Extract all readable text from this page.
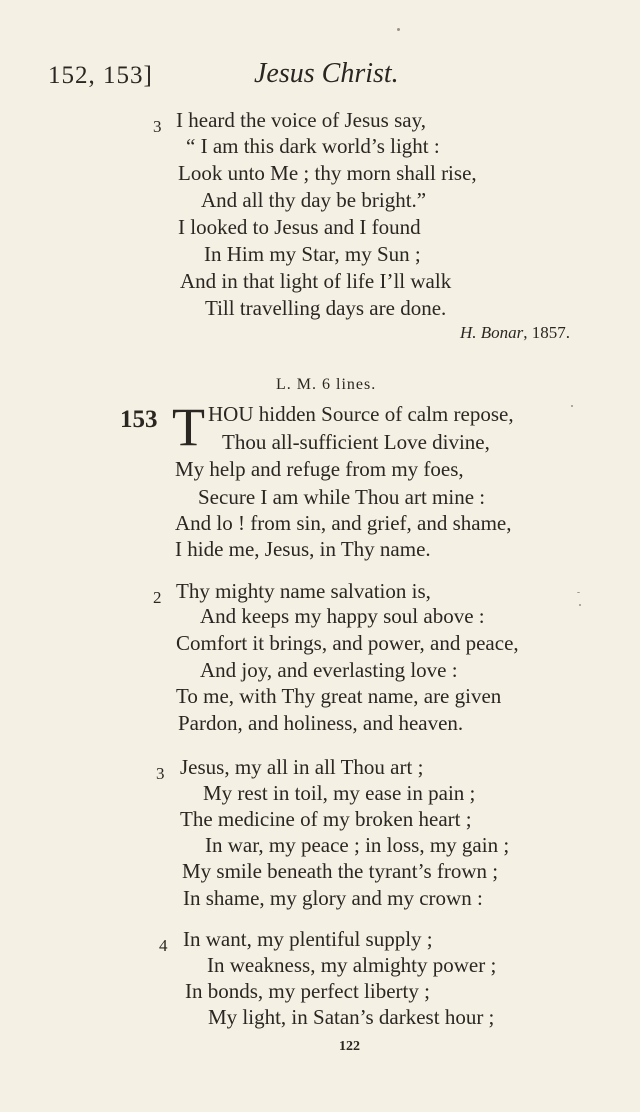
152, 153]	Jesus Christ.
3 I heard the voice of Jesus say,
“ I am this dark world’s light :
Look unto Me ; thy morn shall rise,
And all thy day be bright.”
I looked to Jesus and I found
In Him my Star, my Sun ;
And in that light of life I’ll walk
Till travelling days are done.
H. Bonar, 1857.
L. M. 6 lines.
153 T HOU hidden Source of calm repose,
Thou all-sufficient Love divine,
My help and refuge from my foes,
Secure I am while Thou art mine :
And lo ! from sin, and grief, and shame,
I hide me, Jesus, in Thy name.
2 Thy mighty name salvation is,
And keeps my happy soul above :
Comfort it brings, and power, and peace,
And joy, and everlasting love :
To me, with Thy great name, are given
Pardon, and holiness, and heaven.
3 Jesus, my all in all Thou art ;
My rest in toil, my ease in pain ;
The medicine of my broken heart ;
In war, my peace ; in loss, my gain ;
My smile beneath the tyrant’s frown ;
In shame, my glory and my crown :
4 In want, my plentiful supply ;
In weakness, my almighty power ;
In bonds, my perfect liberty ;
My light, in Satan’s darkest hour ;
122
